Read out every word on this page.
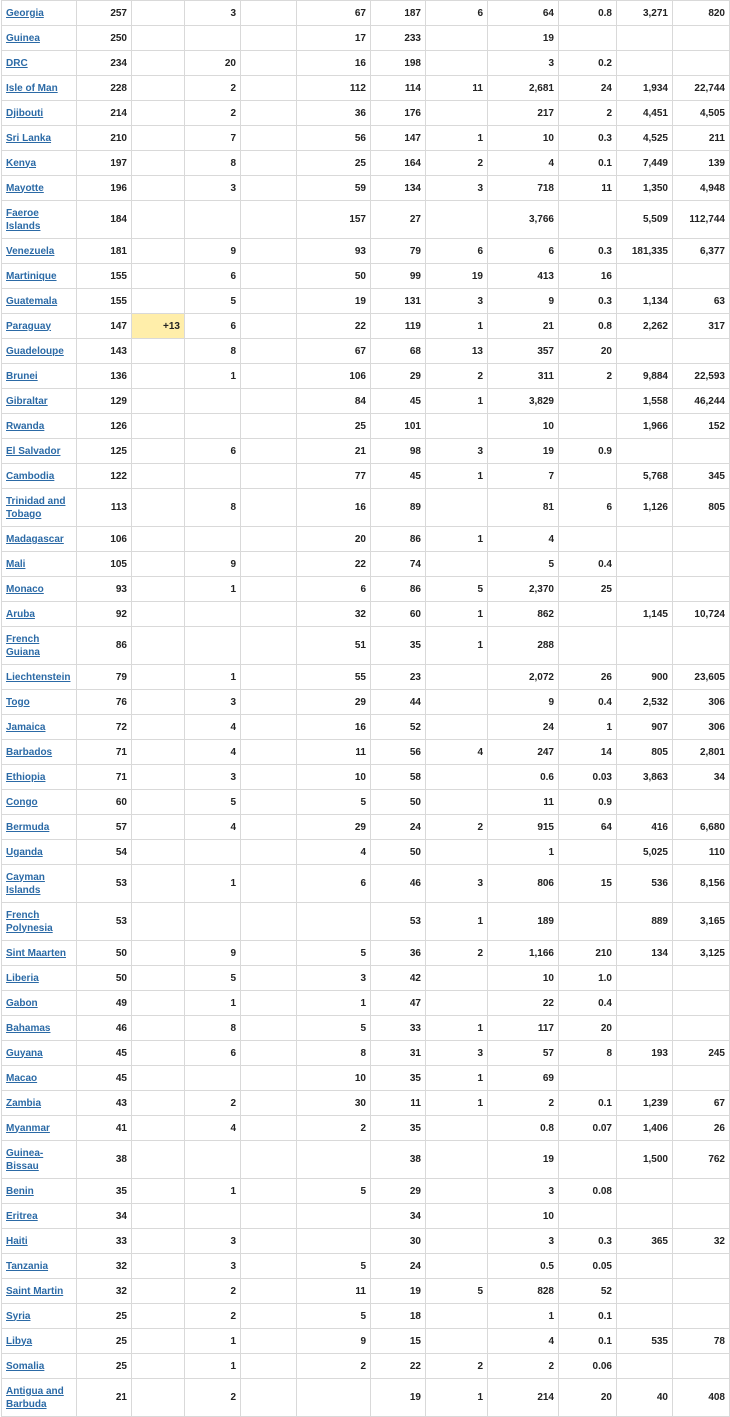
Georgia	257		3		67	187	6	64	0.8	3,271	820
Guinea	250				17	233		19			
DRC	234		20		16	198		3	0.2		
Isle of Man	228		2		112	114	11	2,681	24	1,934	22,744
Djibouti	214		2		36	176		217	2	4,451	4,505
Sri Lanka	210		7		56	147	1	10	0.3	4,525	211
Kenya	197		8		25	164	2	4	0.1	7,449	139
Mayotte	196		3		59	134	3	718	11	1,350	4,948
Faeroe Islands	184				157	27		3,766		5,509	112,744
Venezuela	181		9		93	79	6	6	0.3	181,335	6,377
Martinique	155		6		50	99	19	413	16		
Guatemala	155		5		19	131	3	9	0.3	1,134	63
Paraguay	147	+13	6		22	119	1	21	0.8	2,262	317
Guadeloupe	143		8		67	68	13	357	20		
Brunei	136		1		106	29	2	311	2	9,884	22,593
Gibraltar	129				84	45	1	3,829		1,558	46,244
Rwanda	126				25	101		10		1,966	152
El Salvador	125		6		21	98	3	19	0.9		
Cambodia	122				77	45	1	7		5,768	345
Trinidad and Tobago	113		8		16	89		81	6	1,126	805
Madagascar	106				20	86	1	4			
Mali	105		9		22	74		5	0.4		
Monaco	93		1		6	86	5	2,370	25		
Aruba	92				32	60	1	862		1,145	10,724
French Guiana	86				51	35	1	288			
Liechtenstein	79		1		55	23		2,072	26	900	23,605
Togo	76		3		29	44		9	0.4	2,532	306
Jamaica	72		4		16	52		24	1	907	306
Barbados	71		4		11	56	4	247	14	805	2,801
Ethiopia	71		3		10	58		0.6	0.03	3,863	34
Congo	60		5		5	50		11	0.9		
Bermuda	57		4		29	24	2	915	64	416	6,680
Uganda	54				4	50		1		5,025	110
Cayman Islands	53		1		6	46	3	806	15	536	8,156
French Polynesia	53					53	1	189		889	3,165
Sint Maarten	50		9		5	36	2	1,166	210	134	3,125
Liberia	50		5		3	42		10	1.0		
Gabon	49		1		1	47		22	0.4		
Bahamas	46		8		5	33	1	117	20		
Guyana	45		6		8	31	3	57	8	193	245
Macao	45				10	35	1	69			
Zambia	43		2		30	11	1	2	0.1	1,239	67
Myanmar	41		4		2	35		0.8	0.07	1,406	26
Guinea-Bissau	38					38		19		1,500	762
Benin	35		1		5	29		3	0.08		
Eritrea	34					34		10			
Haiti	33		3			30		3	0.3	365	32
Tanzania	32		3		5	24		0.5	0.05		
Saint Martin	32		2		11	19	5	828	52		
Syria	25		2		5	18		1	0.1		
Libya	25		1		9	15		4	0.1	535	78
Somalia	25		1		2	22	2	2	0.06		
Antigua and Barbuda	21		2			19	1	214	20	40	408
